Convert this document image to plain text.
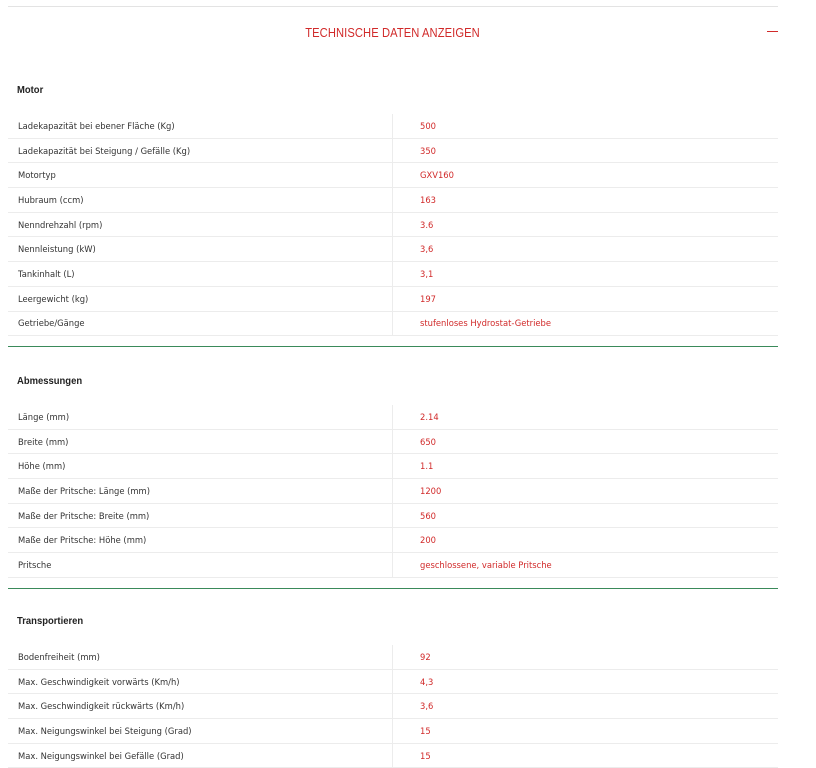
TECHNISCHE DATEN ANZEIGEN
Motor
Ladekapazität bei ebener Fläche (Kg)	500
Ladekapazität bei Steigung / Gefälle (Kg)	350
Motortyp	GXV160
Hubraum (ccm)	163
Nenndrehzahl (rpm)	3.6
Nennleistung (kW)	3,6
Tankinhalt (L)	3,1
Leergewicht (kg)	197
Getriebe/Gänge	stufenloses Hydrostat-Getriebe
Abmessungen
Länge (mm)	2.14
Breite (mm)	650
Höhe (mm)	1.1
Maße der Pritsche: Länge (mm)	1200
Maße der Pritsche: Breite (mm)	560
Maße der Pritsche: Höhe (mm)	200
Pritsche	geschlossene, variable Pritsche
Transportieren
Bodenfreiheit (mm)	92
Max. Geschwindigkeit vorwärts (Km/h)	4,3
Max. Geschwindigkeit rückwärts (Km/h)	3,6
Max. Neigungswinkel bei Steigung (Grad)	15
Max. Neigungswinkel bei Gefälle (Grad)	15
